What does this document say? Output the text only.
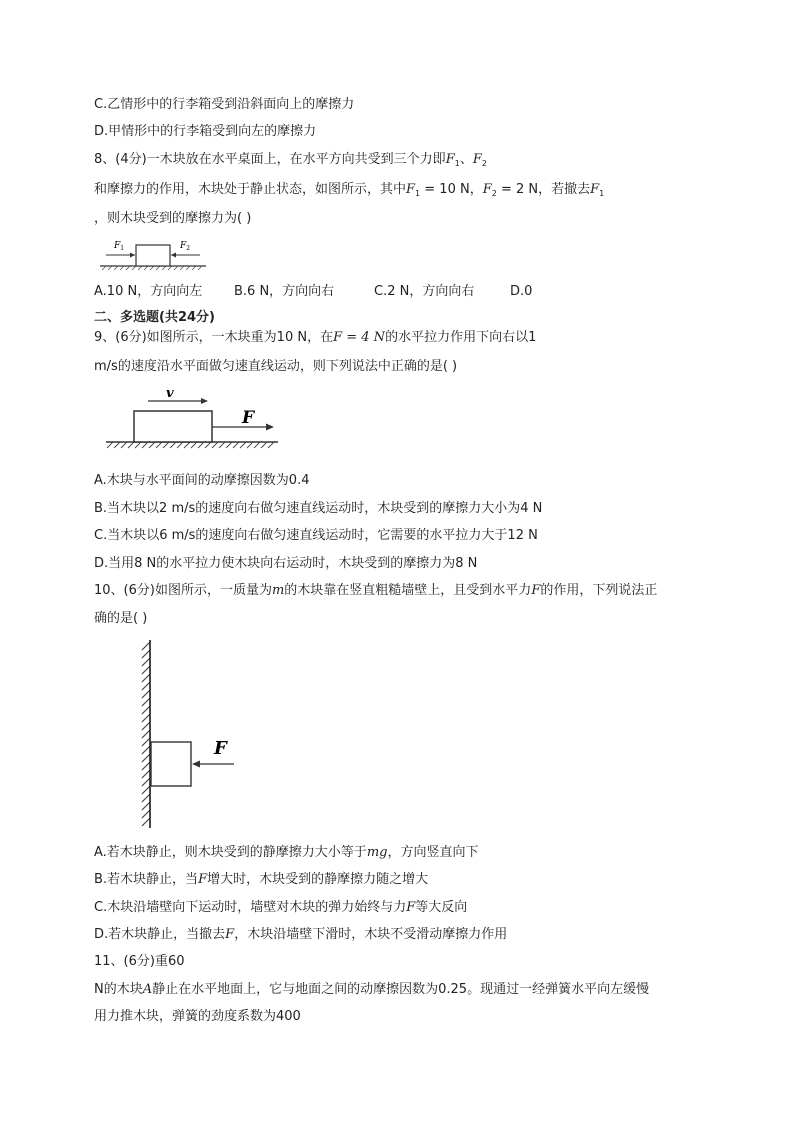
C.乙情形中的行李箱受到沿斜面向上的摩擦力
D.甲情形中的行李箱受到向左的摩擦力
8、(4分)一木块放在水平桌面上，在水平方向共受到三个力即$F_1$、$F_2$
和摩擦力的作用，木块处于静止状态，如图所示，其中$F_1 = 10$ N，$F_2 = 2$ N，若撤去$F_1$
，则木块受到的摩擦力为( )
$F_1$	$F_2$
A.10 N，方向向左 B.6 N，方向向右	C.2 N，方向向右	D.0
二、多选题(共24分)
9、(6分)如图所示，一木块重为10 N，在F = 4 N的水平拉力作用下向右以1
m/s的速度沿水平面做匀速直线运动，则下列说法中正确的是( )
v
F
A.木块与水平面间的动摩擦因数为0.4
B.当木块以2 m/s的速度向右做匀速直线运动时，木块受到的摩擦力大小为4 N
C.当木块以6 m/s的速度向右做匀速直线运动时，它需要的水平拉力大于12 N
D.当用8 N的水平拉力使木块向右运动时，木块受到的摩擦力为8 N
10、(6分)如图所示，一质量为m的木块靠在竖直粗糙墙壁上，且受到水平力F的作用，下列说法正
确的是( )
F
A.若木块静止，则木块受到的静摩擦力大小等于mg，方向竖直向下
B.若木块静止，当F增大时，木块受到的静摩擦力随之增大
C.木块沿墙壁向下运动时，墙壁对木块的弹力始终与力F等大反向
D.若木块静止，当撤去F，木块沿墙壁下滑时，木块不受滑动摩擦力作用
11、(6分)重60
N的木块A静止在水平地面上，它与地面之间的动摩擦因数为0.25。现通过一经弹簧水平向左缓慢
用力推木块，弹簧的劲度系数为400
